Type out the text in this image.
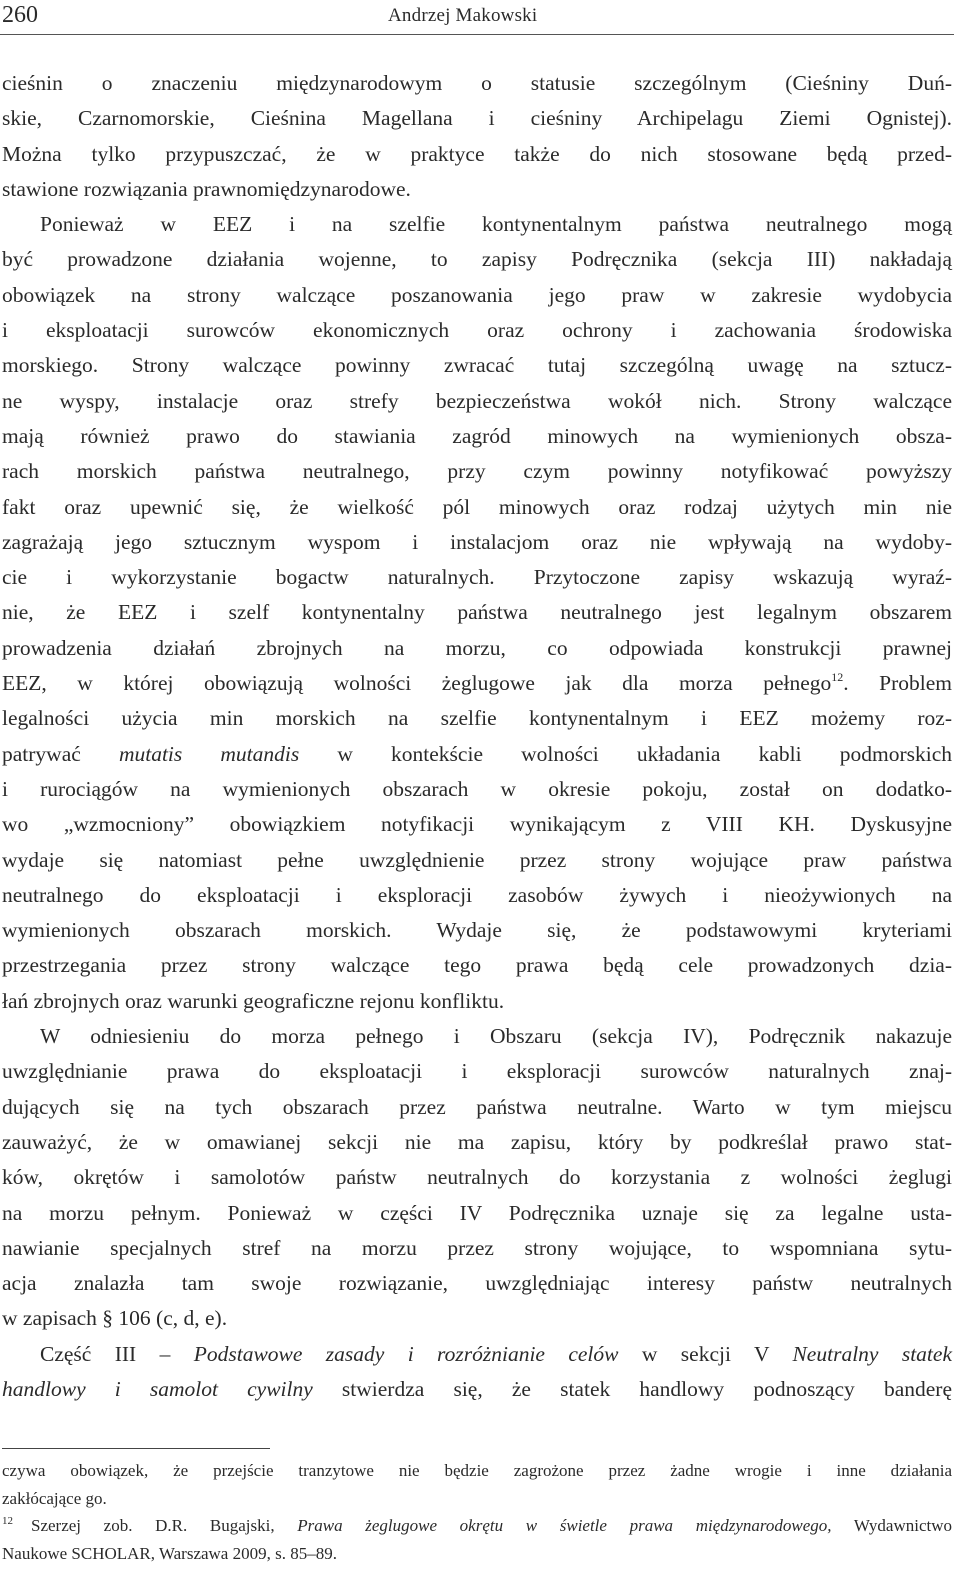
260	Andrzej Makowski
cieśnin o znaczeniu międzynarodowym o statusie szczególnym (Cieśniny Duń-
skie, Czarnomorskie, Cieśnina Magellana i cieśniny Archipelagu Ziemi Ognistej).
Można tylko przypuszczać, że w praktyce także do nich stosowane będą przed-
stawione rozwiązania prawnomiędzynarodowe.
Ponieważ w EEZ i na szelfie kontynentalnym państwa neutralnego mogą
być prowadzone działania wojenne, to zapisy Podręcznika (sekcja III) nakładają
obowiązek na strony walczące poszanowania jego praw w zakresie wydobycia
i eksploatacji surowców ekonomicznych oraz ochrony i zachowania środowiska
morskiego. Strony walczące powinny zwracać tutaj szczególną uwagę na sztucz-
ne wyspy, instalacje oraz strefy bezpieczeństwa wokół nich. Strony walczące
mają również prawo do stawiania zagród minowych na wymienionych obsza-
rach morskich państwa neutralnego, przy czym powinny notyfikować powyższy
fakt oraz upewnić się, że wielkość pól minowych oraz rodzaj użytych min nie
zagrażają jego sztucznym wyspom i instalacjom oraz nie wpływają na wydoby-
cie i wykorzystanie bogactw naturalnych. Przytoczone zapisy wskazują wyraź-
nie, że EEZ i szelf kontynentalny państwa neutralnego jest legalnym obszarem
prowadzenia działań zbrojnych na morzu, co odpowiada konstrukcji prawnej
EEZ, w której obowiązują wolności żeglugowe jak dla morza pełnego$^{12}$. Problem
legalności użycia min morskich na szelfie kontynentalnym i EEZ możemy roz-
patrywać mutatis mutandis w kontekście wolności układania kabli podmorskich
i rurociągów na wymienionych obszarach w okresie pokoju, został on dodatko-
wo „wzmocniony” obowiązkiem notyfikacji wynikającym z VIII KH. Dyskusyjne
wydaje się natomiast pełne uwzględnienie przez strony wojujące praw państwa
neutralnego do eksploatacji i eksploracji zasobów żywych i nieożywionych na
wymienionych obszarach morskich. Wydaje się, że podstawowymi kryteriami
przestrzegania przez strony walczące tego prawa będą cele prowadzonych dzia-
łań zbrojnych oraz warunki geograficzne rejonu konfliktu.
W odniesieniu do morza pełnego i Obszaru (sekcja IV), Podręcznik nakazuje
uwzględnianie prawa do eksploatacji i eksploracji surowców naturalnych znaj-
dujących się na tych obszarach przez państwa neutralne. Warto w tym miejscu
zauważyć, że w omawianej sekcji nie ma zapisu, który by podkreślał prawo stat-
ków, okrętów i samolotów państw neutralnych do korzystania z wolności żeglugi
na morzu pełnym. Ponieważ w części IV Podręcznika uznaje się za legalne usta-
nawianie specjalnych stref na morzu przez strony wojujące, to wspomniana sytu-
acja znalazła tam swoje rozwiązanie, uwzględniając interesy państw neutralnych
w zapisach § 106 (c, d, e).
Część III – Podstawowe zasady i rozróżnianie celów w sekcji V Neutralny statek
handlowy i samolot cywilny stwierdza się, że statek handlowy podnoszący banderę
czywa obowiązek, że przejście tranzytowe nie będzie zagrożone przez żadne wrogie i inne działania
zakłócające go.
$^{12}$ Szerzej zob. D.R. Bugajski, Prawa żeglugowe okrętu w świetle prawa międzynarodowego, Wydawnictwo
Naukowe SCHOLAR, Warszawa 2009, s. 85–89.
